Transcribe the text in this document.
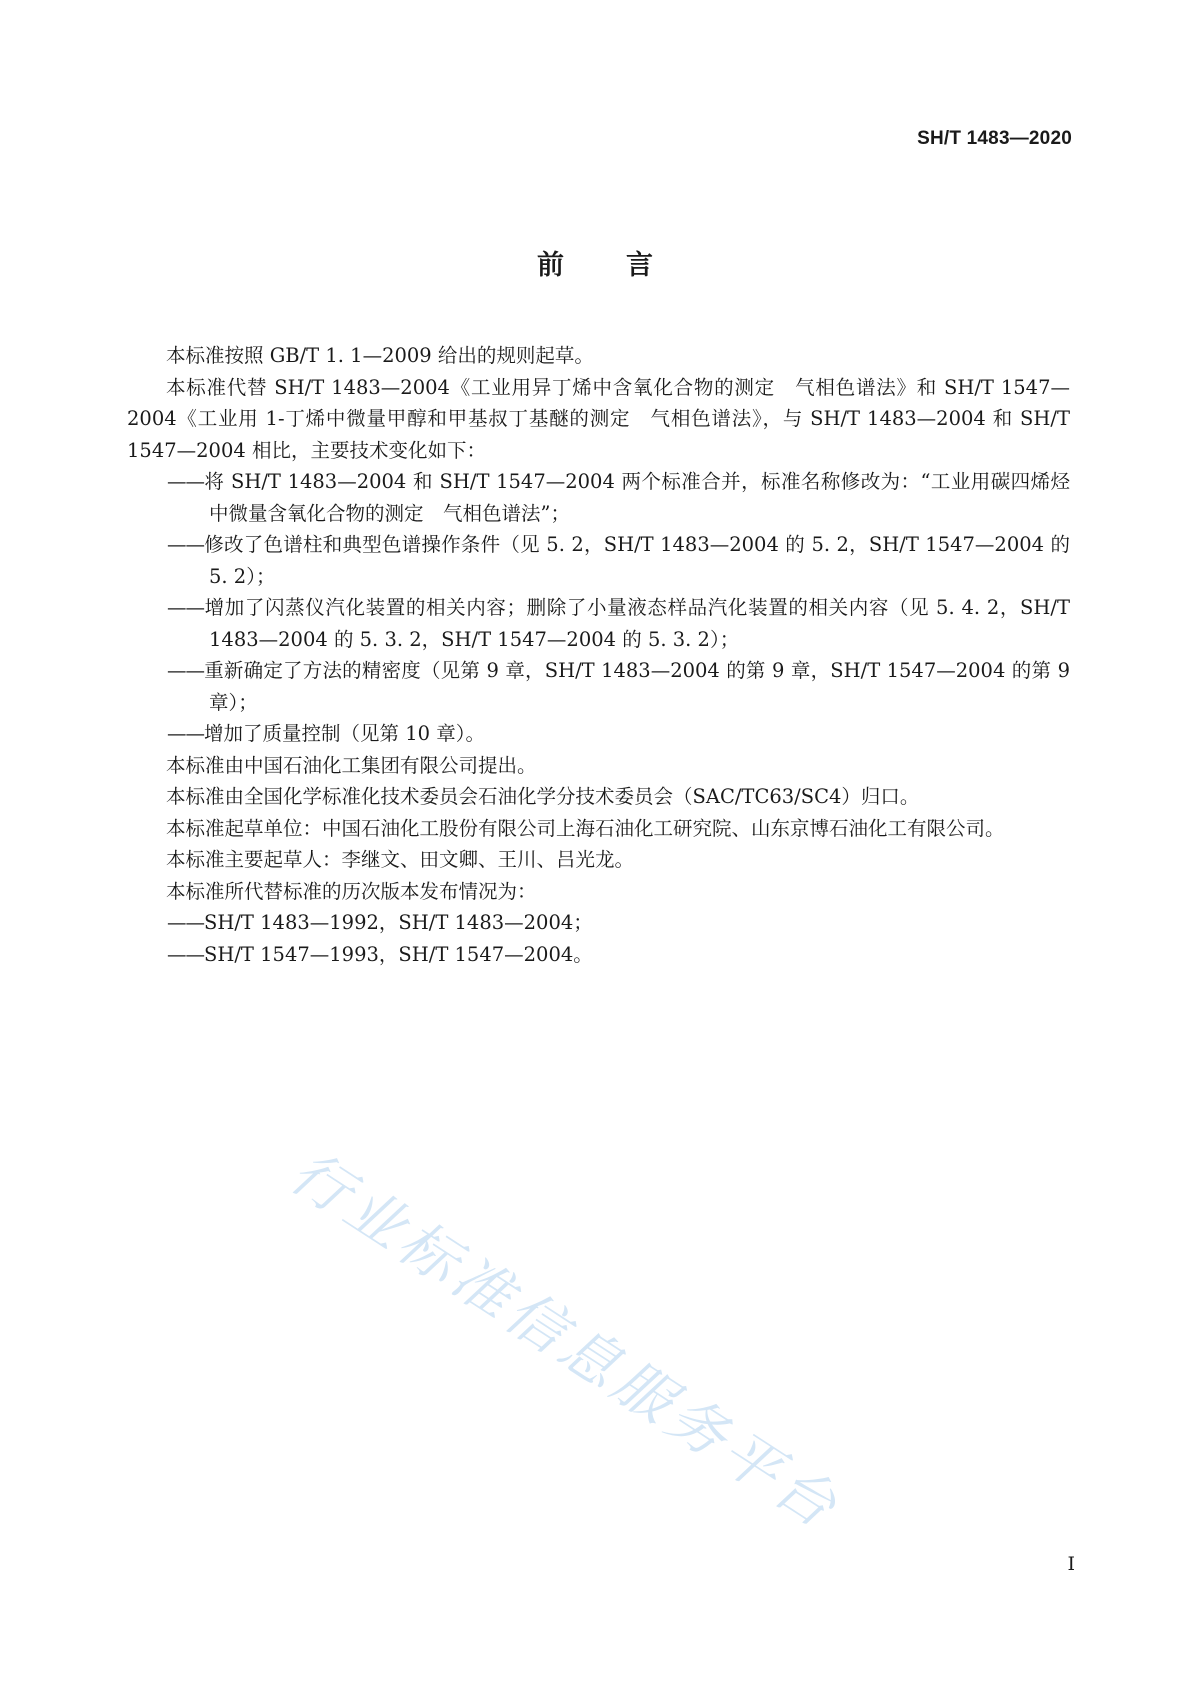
SH/T 1483—2020
前 言

本标准按照 GB/T 1. 1—2009 给出的规则起草。

本标准代替 SH/T 1483—2004《工业用异丁烯中含氧化合物的测定　气相色谱法》和 SH/T 1547—2004《工业用 1-丁烯中微量甲醇和甲基叔丁基醚的测定　气相色谱法》，与 SH/T 1483—2004 和 SH/T 1547—2004 相比，主要技术变化如下：

——将 SH/T 1483—2004 和 SH/T 1547—2004 两个标准合并，标准名称修改为：“工业用碳四烯烃中微量含氧化合物的测定　气相色谱法”；

——修改了色谱柱和典型色谱操作条件（见 5. 2，SH/T 1483—2004 的 5. 2，SH/T 1547—2004 的 5. 2）；

——增加了闪蒸仪汽化装置的相关内容；删除了小量液态样品汽化装置的相关内容（见 5. 4. 2，SH/T 1483—2004 的 5. 3. 2，SH/T 1547—2004 的 5. 3. 2）；

——重新确定了方法的精密度（见第 9 章，SH/T 1483—2004 的第 9 章，SH/T 1547—2004 的第 9 章）；

——增加了质量控制（见第 10 章）。

本标准由中国石油化工集团有限公司提出。

本标准由全国化学标准化技术委员会石油化学分技术委员会（SAC/TC63/SC4）归口。

本标准起草单位：中国石油化工股份有限公司上海石油化工研究院、山东京博石油化工有限公司。

本标准主要起草人：李继文、田文卿、王川、吕光龙。

本标准所代替标准的历次版本发布情况为：

——SH/T 1483—1992，SH/T 1483—2004；

——SH/T 1547—1993，SH/T 1547—2004。

行业标准信息服务平台
I
